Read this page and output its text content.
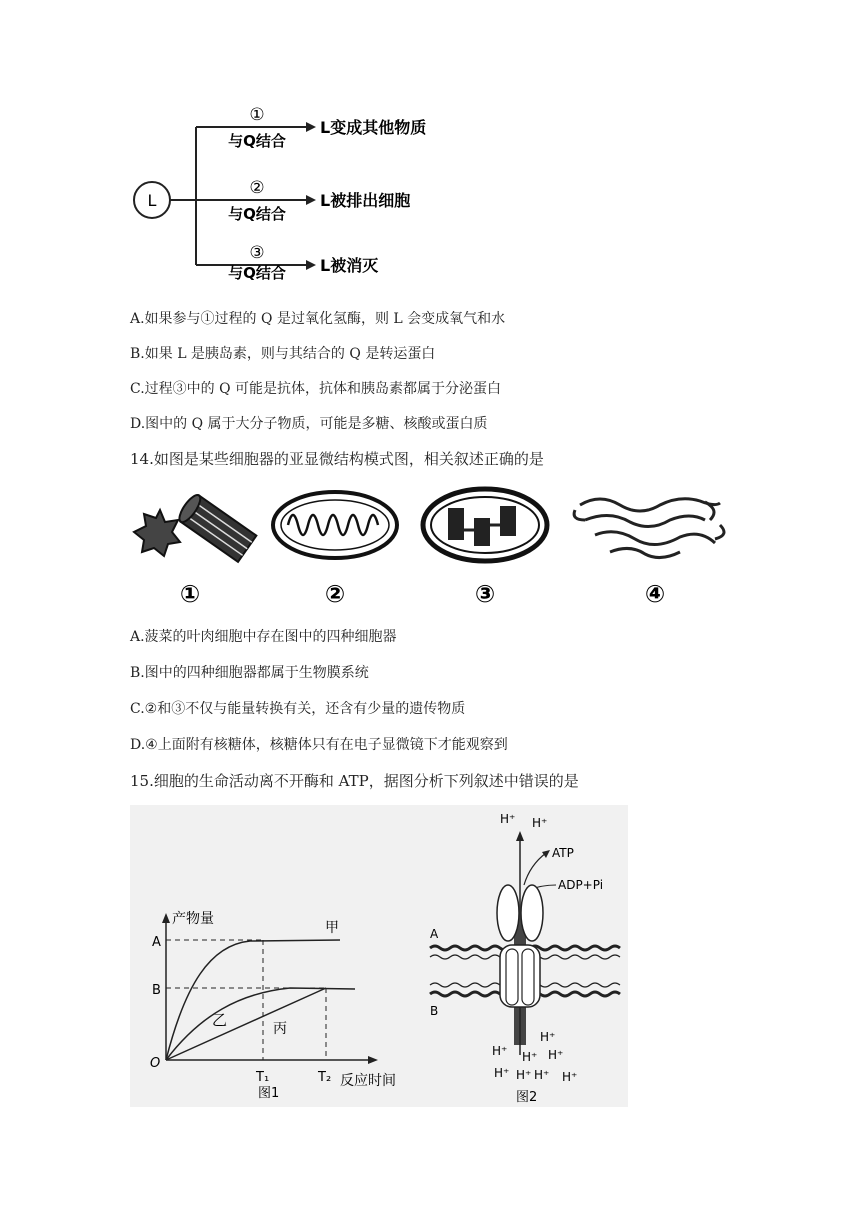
L
①
与Q结合
L变成其他物质
②
与Q结合
L被排出细胞
③
与Q结合 L被消灭
A.如果参与①过程的 Q 是过氧化氢酶，则 L 会变成氧气和水
B.如果 L 是胰岛素，则与其结合的 Q 是转运蛋白
C.过程③中的 Q 可能是抗体，抗体和胰岛素都属于分泌蛋白
D.图中的 Q 属于大分子物质，可能是多糖、核酸或蛋白质
14.如图是某些细胞器的亚显微结构模式图，相关叙述正确的是
①	②	③	④
A.菠菜的叶肉细胞中存在图中的四种细胞器
B.图中的四种细胞器都属于生物膜系统
C.②和③不仅与能量转换有关，还含有少量的遗传物质
D.④上面附有核糖体，核糖体只有在电子显微镜下才能观察到
15.细胞的生命活动离不开酶和 ATP，据图分析下列叙述中错误的是
产物量
反应时间
O
A
B
T₁	T₂
甲
乙	丙
图1
H⁺ H⁺
ATP
ADP+Pi
A
B
H⁺
H⁺ H⁺ H⁺
H⁺ H⁺ H⁺ H⁺
图2
